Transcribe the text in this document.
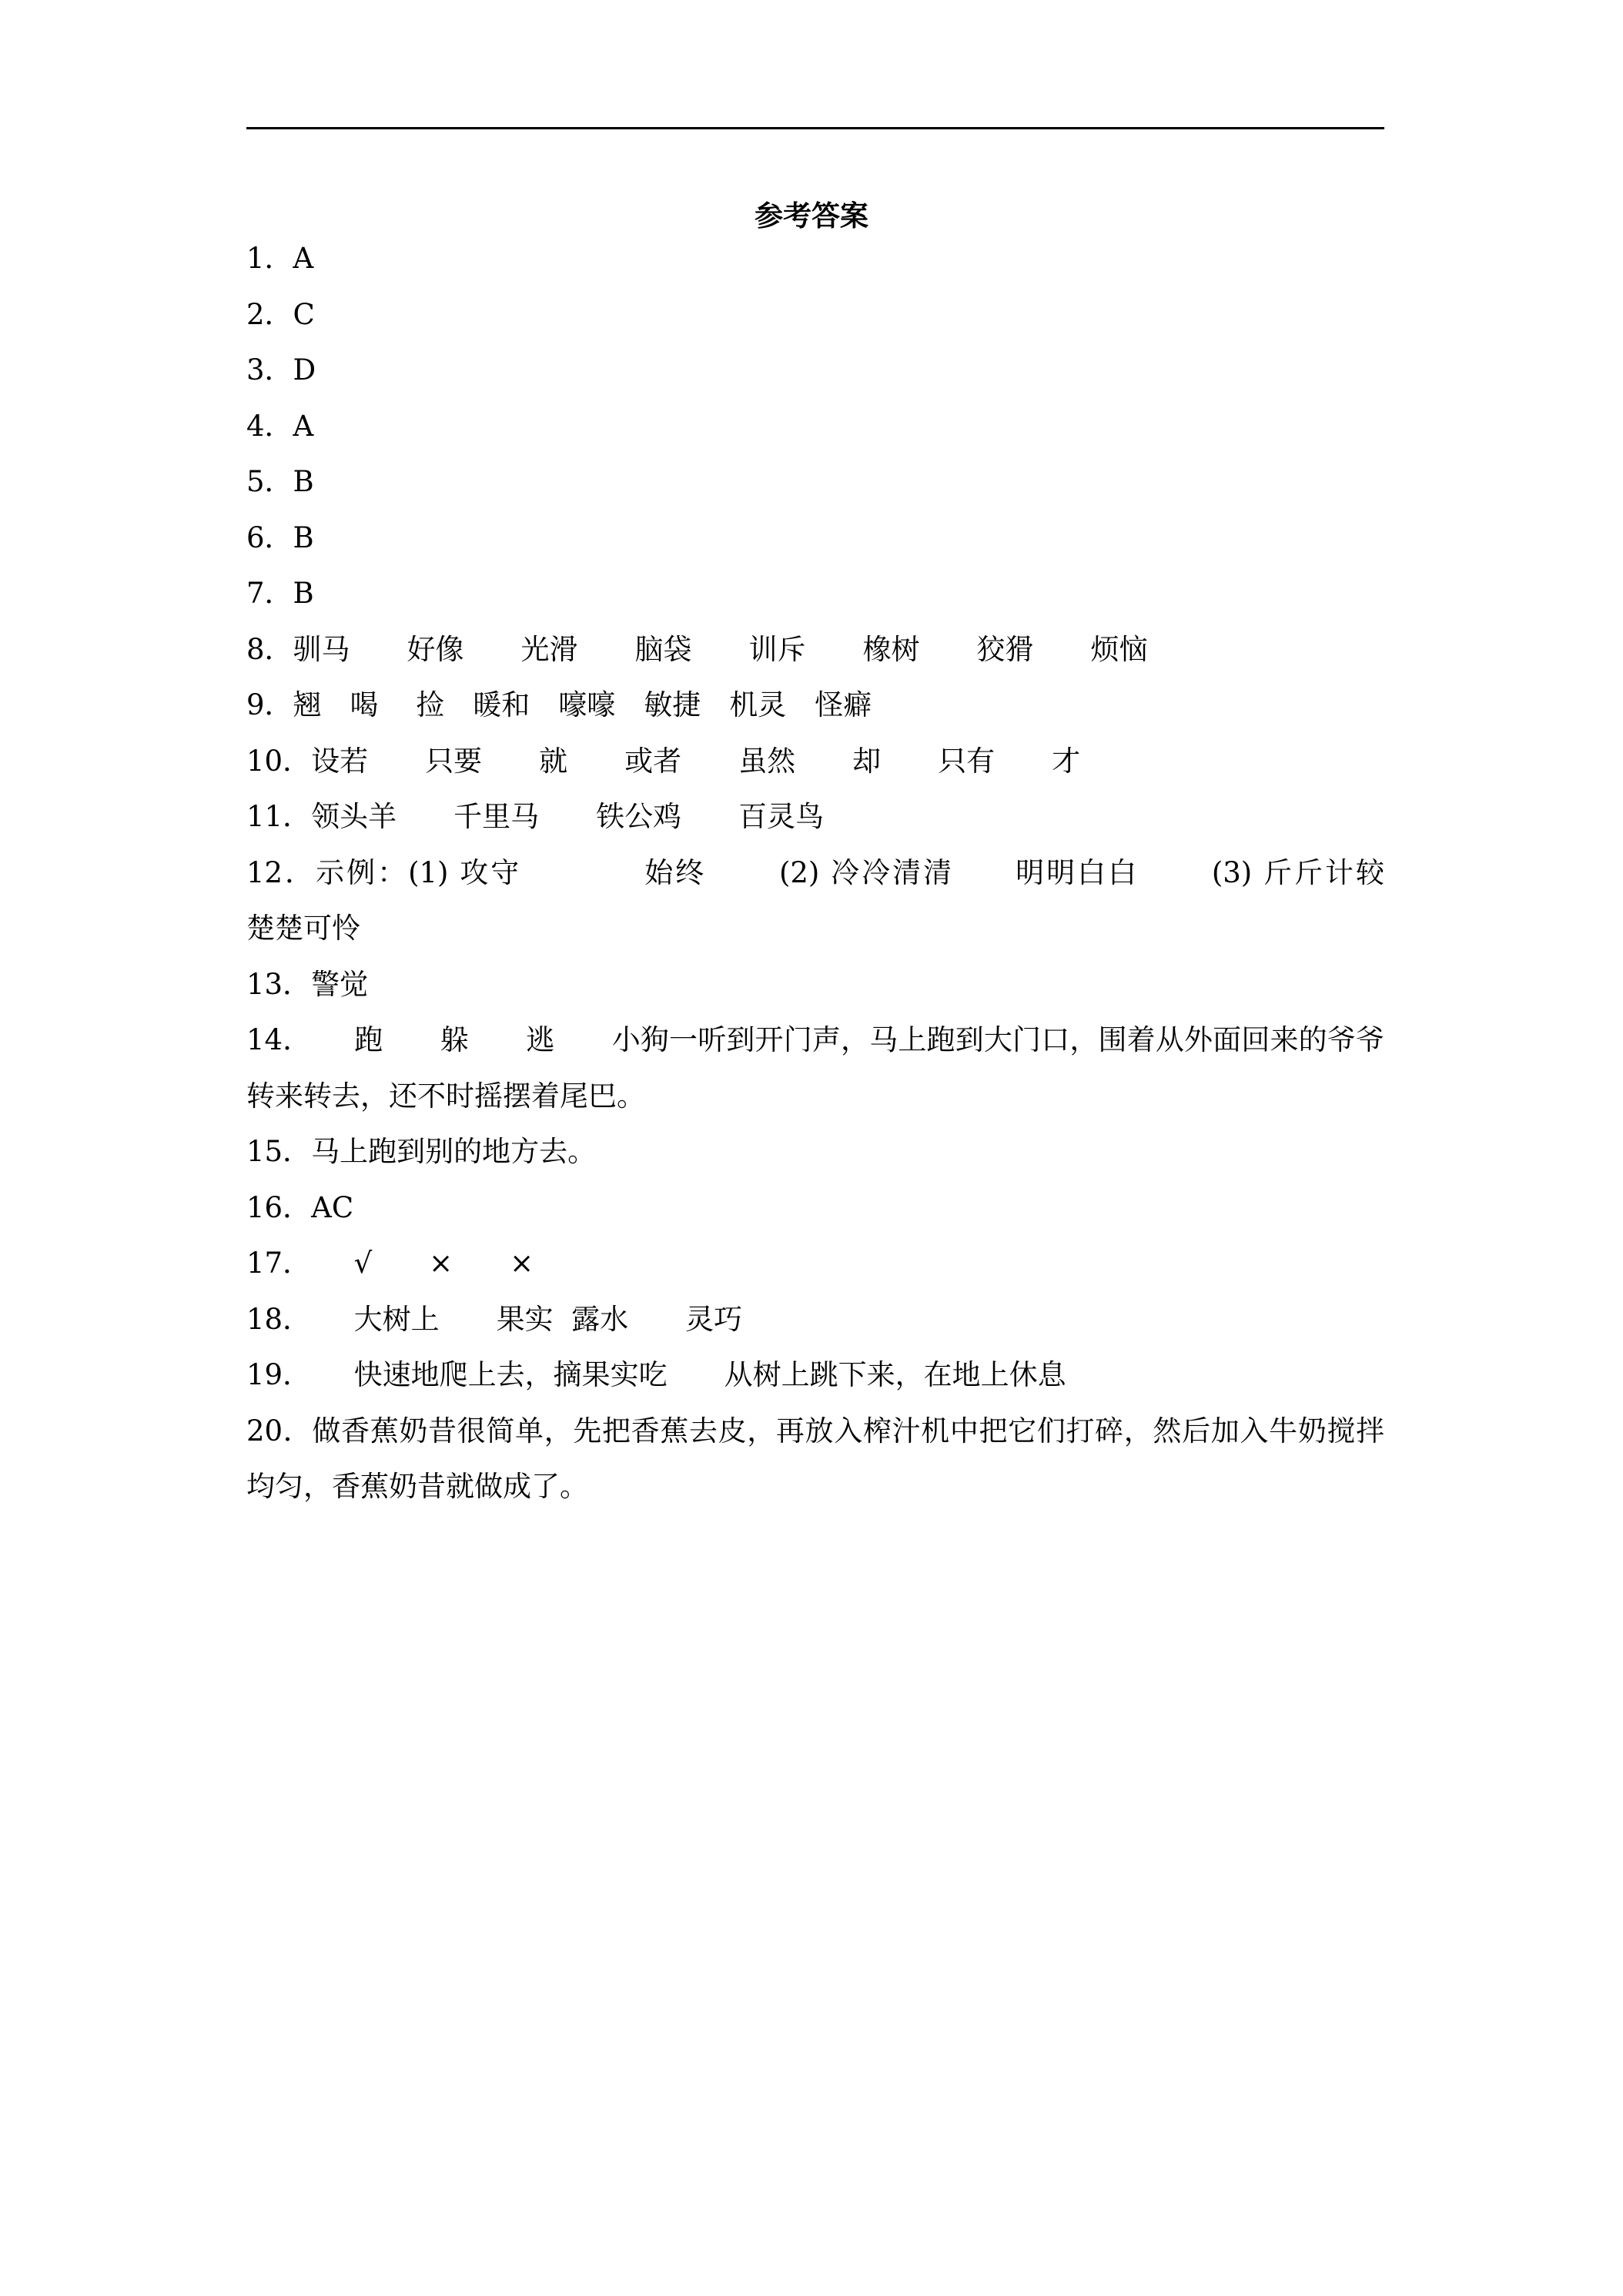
参考答案
1．A
2．C
3．D
4．A
5．B
6．B
7．B
8．驯马　　好像　　光滑　　脑袋　　训斥　　橡树　　狡猾　　烦恼
9．翘　喝　 捡　暖和　嚎嚎　敏捷　机灵　怪癖
10．设若　　只要　　就　　或者　　虽然　　却　　只有　　才
11．领头羊　　千里马　　铁公鸡　　百灵鸟
12．示例：(1) 攻守　　　　始终　　 (2) 冷冷清清　　明明白白　　 (3) 斤斤计较　　楚楚可怜
13．警觉
14．　　跑　　躲　　逃　　小狗一听到开门声，马上跑到大门口，围着从外面回来的爷爷转来转去，还不时摇摆着尾巴。
15．马上跑到别的地方去。
16．AC
17．　　√　　×　　×
18．　　大树上　　果实  露水　　灵巧
19．　　快速地爬上去，摘果实吃　　从树上跳下来，在地上休息
20．做香蕉奶昔很简单，先把香蕉去皮，再放入榨汁机中把它们打碎，然后加入牛奶搅拌均匀，香蕉奶昔就做成了。
